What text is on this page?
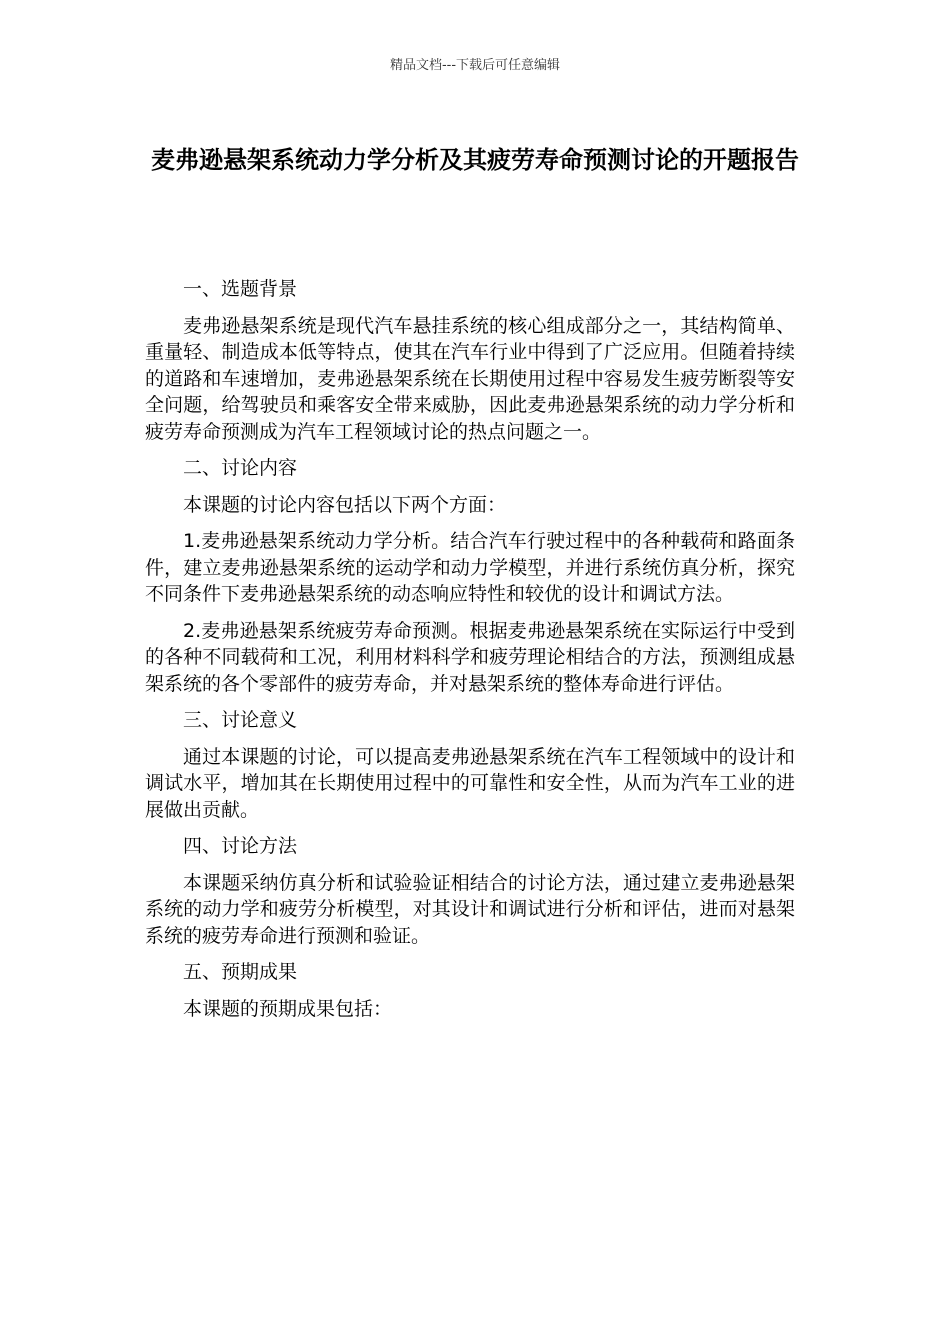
精品文档---下载后可任意编辑
麦弗逊悬架系统动力学分析及其疲劳寿命预测讨论的开题报告

一、选题背景

麦弗逊悬架系统是现代汽车悬挂系统的核心组成部分之一，其结构简单、重量轻、制造成本低等特点，使其在汽车行业中得到了广泛应用。但随着持续的道路和车速增加，麦弗逊悬架系统在长期使用过程中容易发生疲劳断裂等安全问题，给驾驶员和乘客安全带来威胁，因此麦弗逊悬架系统的动力学分析和疲劳寿命预测成为汽车工程领域讨论的热点问题之一。

二、讨论内容

本课题的讨论内容包括以下两个方面：

1.麦弗逊悬架系统动力学分析。结合汽车行驶过程中的各种载荷和路面条件，建立麦弗逊悬架系统的运动学和动力学模型，并进行系统仿真分析，探究不同条件下麦弗逊悬架系统的动态响应特性和较优的设计和调试方法。

2.麦弗逊悬架系统疲劳寿命预测。根据麦弗逊悬架系统在实际运行中受到的各种不同载荷和工况，利用材料科学和疲劳理论相结合的方法，预测组成悬架系统的各个零部件的疲劳寿命，并对悬架系统的整体寿命进行评估。

三、讨论意义

通过本课题的讨论，可以提高麦弗逊悬架系统在汽车工程领域中的设计和调试水平，增加其在长期使用过程中的可靠性和安全性，从而为汽车工业的进展做出贡献。

四、讨论方法

本课题采纳仿真分析和试验验证相结合的讨论方法，通过建立麦弗逊悬架系统的动力学和疲劳分析模型，对其设计和调试进行分析和评估，进而对悬架系统的疲劳寿命进行预测和验证。

五、预期成果

本课题的预期成果包括：
